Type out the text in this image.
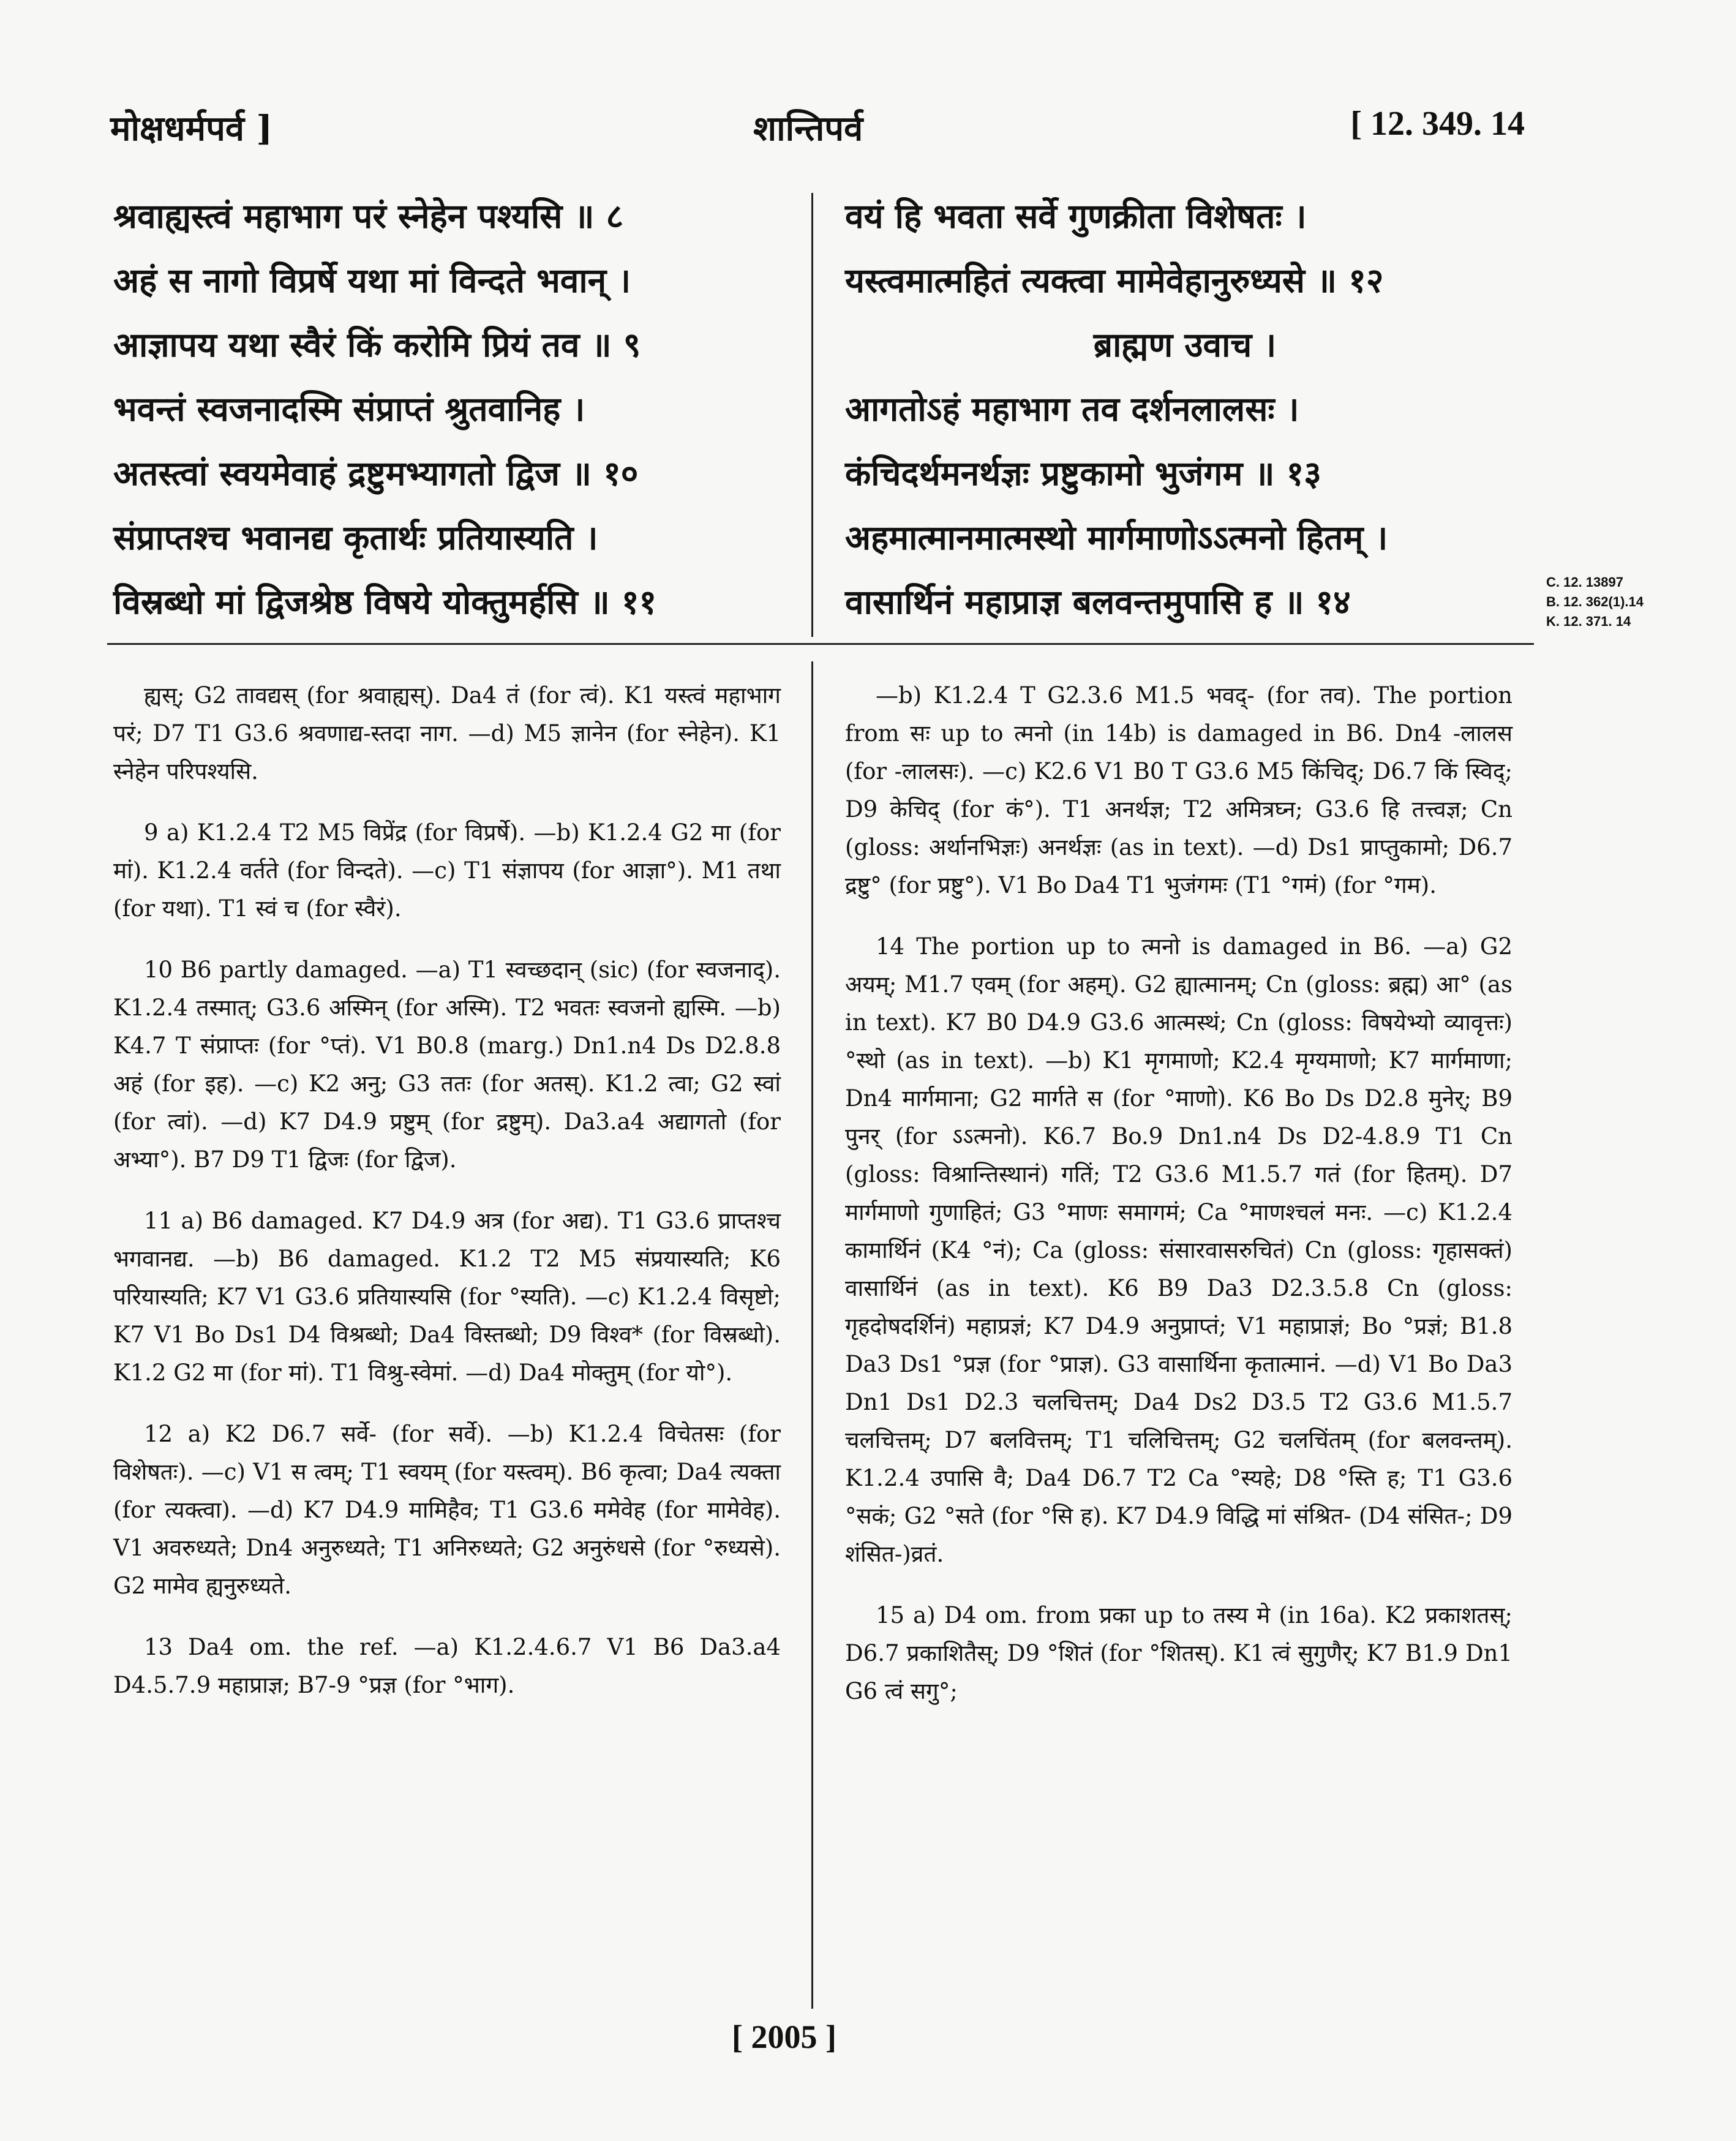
मोक्षधर्मपर्व ]	शान्तिपर्व	[ 12. 349. 14
श्रवाह्यस्त्वं महाभाग परं स्नेहेन पश्यसि ॥ ८
अहं स नागो विप्रर्षे यथा मां विन्दते भवान् ।
आज्ञापय यथा स्वैरं किं करोमि प्रियं तव ॥ ९
भवन्तं स्वजनादस्मि संप्राप्तं श्रुतवानिह ।
अतस्त्वां स्वयमेवाहं द्रष्टुमभ्यागतो द्विज ॥ १०
संप्राप्तश्च भवानद्य कृतार्थः प्रतियास्यति ।
विस्रब्धो मां द्विजश्रेष्ठ विषये योक्तुमर्हसि ॥ ११
वयं हि भवता सर्वे गुणक्रीता विशेषतः ।
यस्त्वमात्महितं त्यक्त्वा मामेवेहानुरुध्यसे ॥ १२
ब्राह्मण उवाच ।
आगतोऽहं महाभाग तव दर्शनलालसः ।
कंचिदर्थमनर्थज्ञः प्रष्टुकामो भुजंगम ॥ १३
अहमात्मानमात्मस्थो मार्गमाणोऽऽत्मनो हितम् ।
वासार्थिनं महाप्राज्ञ बलवन्तमुपासि ह ॥ १४	C. 12. 13897
B. 12. 362(1).14
K. 12. 371. 14

ह्यस्; G2 तावद्यस् (for श्रवाह्यस्). Da4 तं (for त्वं). K1 यस्त्वं महाभाग परं; D7 T1 G3.6 श्रवणाद्य-स्तदा नाग. —d) M5 ज्ञानेन (for स्नेहेन). K1 स्नेहेन परिपश्यसि.

9 a) K1.2.4 T2 M5 विप्रेंद्र (for विप्रर्षे). —b) K1.2.4 G2 मा (for मां). K1.2.4 वर्तते (for विन्दते). —c) T1 संज्ञापय (for आज्ञा°). M1 तथा (for यथा). T1 स्वं च (for स्वैरं).

10 B6 partly damaged. —a) T1 स्वच्छदान् (sic) (for स्वजनाद्). K1.2.4 तस्मात्; G3.6 अस्मिन् (for अस्मि). T2 भवतः स्वजनो ह्यस्मि. —b) K4.7 T संप्राप्तः (for °प्तं). V1 B0.8 (marg.) Dn1.n4 Ds D2.8.8 अहं (for इह). —c) K2 अनु; G3 ततः (for अतस्). K1.2 त्वा; G2 स्वां (for त्वां). —d) K7 D4.9 प्रष्टुम् (for द्रष्टुम्). Da3.a4 अद्यागतो (for अभ्या°). B7 D9 T1 द्विजः (for द्विज).

11 a) B6 damaged. K7 D4.9 अत्र (for अद्य). T1 G3.6 प्राप्तश्च भगवानद्य. —b) B6 damaged. K1.2 T2 M5 संप्रयास्यति; K6 परियास्यति; K7 V1 G3.6 प्रतियास्यसि (for °स्यति). —c) K1.2.4 विसृष्टो; K7 V1 Bo Ds1 D4 विश्रब्धो; Da4 विस्तब्धो; D9 विश्व* (for विस्रब्धो). K1.2 G2 मा (for मां). T1 विश्रु-स्वेमां. —d) Da4 मोक्तुम् (for यो°).

12 a) K2 D6.7 सर्वे- (for सर्वे). —b) K1.2.4 विचेतसः (for विशेषतः). —c) V1 स त्वम्; T1 स्वयम् (for यस्त्वम्). B6 कृत्वा; Da4 त्यक्ता (for त्यक्त्वा). —d) K7 D4.9 मामिहैव; T1 G3.6 ममेवेह (for मामेवेह). V1 अवरुध्यते; Dn4 अनुरुध्यते; T1 अनिरुध्यते; G2 अनुरुंधसे (for °रुध्यसे). G2 मामेव ह्यनुरुध्यते.

13 Da4 om. the ref. —a) K1.2.4.6.7 V1 B6 Da3.a4 D4.5.7.9 महाप्राज्ञ; B7-9 °प्रज्ञ (for °भाग).

—b) K1.2.4 T G2.3.6 M1.5 भवद्- (for तव). The portion from सः up to त्मनो (in 14b) is damaged in B6. Dn4 -लालस (for -लालसः). —c) K2.6 V1 B0 T G3.6 M5 किंचिद्; D6.7 किं स्विद्; D9 केचिद् (for कं°). T1 अनर्थज्ञ; T2 अमित्रघ्न; G3.6 हि तत्त्वज्ञ; Cn (gloss: अर्थानभिज्ञः) अनर्थज्ञः (as in text). —d) Ds1 प्राप्तुकामो; D6.7 द्रष्टु° (for प्रष्टु°). V1 Bo Da4 T1 भुजंगमः (T1 °गमं) (for °गम).

14 The portion up to त्मनो is damaged in B6. —a) G2 अयम्; M1.7 एवम् (for अहम्). G2 ह्यात्मानम्; Cn (gloss: ब्रह्म) आ° (as in text). K7 B0 D4.9 G3.6 आत्मस्थं; Cn (gloss: विषयेभ्यो व्यावृत्तः) °स्थो (as in text). —b) K1 मृगमाणो; K2.4 मृग्यमाणो; K7 मार्गमाणा; Dn4 मार्गमाना; G2 मार्गते स (for °माणो). K6 Bo Ds D2.8 मुनेर्; B9 पुनर् (for ऽऽत्मनो). K6.7 Bo.9 Dn1.n4 Ds D2-4.8.9 T1 Cn (gloss: विश्रान्तिस्थानं) गतिं; T2 G3.6 M1.5.7 गतं (for हितम्). D7 मार्गमाणो गुणाहितं; G3 °माणः समागमं; Ca °माणश्चलं मनः. —c) K1.2.4 कामार्थिनं (K4 °नं); Ca (gloss: संसारवासरुचितं) Cn (gloss: गृहासक्तं) वासार्थिनं (as in text). K6 B9 Da3 D2.3.5.8 Cn (gloss: गृहदोषदर्शिनं) महाप्रज्ञं; K7 D4.9 अनुप्राप्तं; V1 महाप्राज्ञं; Bo °प्रज्ञं; B1.8 Da3 Ds1 °प्रज्ञ (for °प्राज्ञ). G3 वासार्थिना कृतात्मानं. —d) V1 Bo Da3 Dn1 Ds1 D2.3 चलचित्तम्; Da4 Ds2 D3.5 T2 G3.6 M1.5.7 चलचित्तम्; D7 बलवित्तम्; T1 चलिचित्तम्; G2 चलचिंतम् (for बलवन्तम्). K1.2.4 उपासि वै; Da4 D6.7 T2 Ca °स्यहे; D8 °स्ति ह; T1 G3.6 °सकं; G2 °सते (for °सि ह). K7 D4.9 विद्धि मां संश्रित- (D4 संसित-; D9 शंसित-)व्रतं.

15 a) D4 om. from प्रका up to तस्य मे (in 16a). K2 प्रकाशतस्; D6.7 प्रकाशितैस्; D9 °शितं (for °शितस्). K1 त्वं सुगुणैर्; K7 B1.9 Dn1 G6 त्वं सगु°;

[ 2005 ]
